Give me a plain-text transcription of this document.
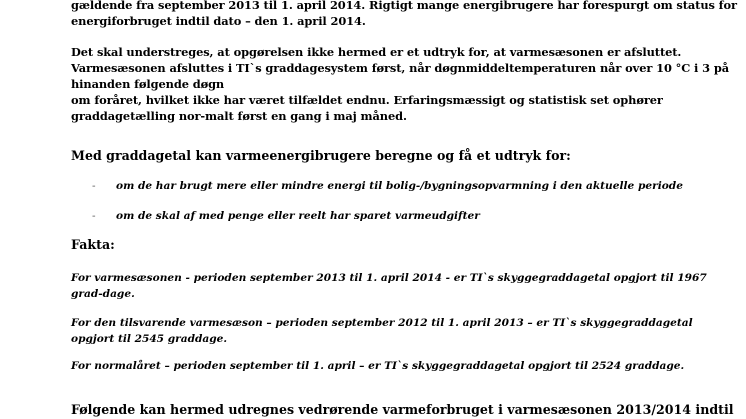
gældende fra september 2013 til 1. april 2014. Rigtigt mange energibrugere har forespurgt om status for
energiforbruget indtil dato – den 1. april 2014.
Det skal understreges, at opgørelsen ikke hermed er et udtryk for, at varmesæsonen er afsluttet.
Varmesæsonen afsluttes i TI`s graddagesystem først, når døgnmiddeltemperaturen når over 10 °C i 3 på
hinanden følgende døgn
om foråret, hvilket ikke har været tilfældet endnu. Erfaringsmæssigt og statistisk set ophører
graddagetælling nor-malt først en gang i maj måned.
Med graddagetal kan varmeenergibrugere beregne og få et udtryk for:
- om de har brugt mere eller mindre energi til bolig-/bygningsopvarmning i den aktuelle periode
- om de skal af med penge eller reelt har sparet varmeudgifter
Fakta:
For varmesæsonen - perioden september 2013 til 1. april 2014 - er TI`s skyggegraddagetal opgjort til 1967
grad-dage.
For den tilsvarende varmesæson – perioden september 2012 til 1. april 2013 – er TI`s skyggegraddagetal
opgjort til 2545 graddage.
For normalåret – perioden september til 1. april – er TI`s skyggegraddagetal opgjort til 2524 graddage.
Følgende kan hermed udregnes vedrørende varmeforbruget i varmesæsonen 2013/2014 indtil
